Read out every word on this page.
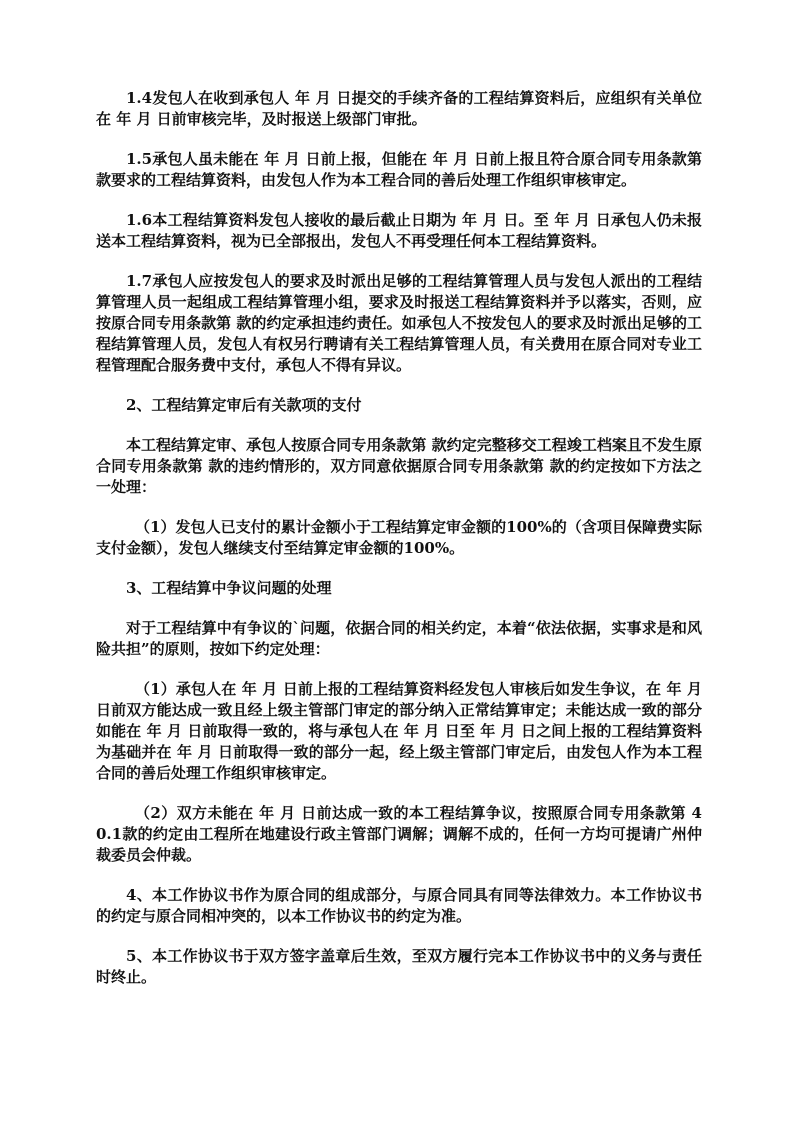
1.4发包人在收到承包人 年 月 日提交的手续齐备的工程结算资料后，应组织有关单位在 年 月 日前审核完毕，及时报送上级部门审批。

1.5承包人虽未能在 年 月 日前上报，但能在 年 月 日前上报且符合原合同专用条款第 款要求的工程结算资料，由发包人作为本工程合同的善后处理工作组织审核审定。

1.6本工程结算资料发包人接收的最后截止日期为 年 月 日。至 年 月 日承包人仍未报送本工程结算资料，视为已全部报出，发包人不再受理任何本工程结算资料。

1.7承包人应按发包人的要求及时派出足够的工程结算管理人员与发包人派出的工程结算管理人员一起组成工程结算管理小组，要求及时报送工程结算资料并予以落实，否则，应按原合同专用条款第 款的约定承担违约责任。如承包人不按发包人的要求及时派出足够的工程结算管理人员，发包人有权另行聘请有关工程结算管理人员，有关费用在原合同对专业工程管理配合服务费中支付，承包人不得有异议。

2、工程结算定审后有关款项的支付

本工程结算定审、承包人按原合同专用条款第 款约定完整移交工程竣工档案且不发生原合同专用条款第 款的违约情形的，双方同意依据原合同专用条款第 款的约定按如下方法之一处理：

（1）发包人已支付的累计金额小于工程结算定审金额的100%的（含项目保障费实际支付金额），发包人继续支付至结算定审金额的100%。

3、工程结算中争议问题的处理

对于工程结算中有争议的`问题，依据合同的相关约定，本着“依法依据，实事求是和风险共担”的原则，按如下约定处理：

（1）承包人在 年 月 日前上报的工程结算资料经发包人审核后如发生争议，在 年 月 日前双方能达成一致且经上级主管部门审定的部分纳入正常结算审定；未能达成一致的部分如能在 年 月 日前取得一致的，将与承包人在 年 月 日至 年 月 日之间上报的工程结算资料为基础并在 年 月 日前取得一致的部分一起，经上级主管部门审定后，由发包人作为本工程合同的善后处理工作组织审核审定。

（2）双方未能在 年 月 日前达成一致的本工程结算争议，按照原合同专用条款第 40.1款的约定由工程所在地建设行政主管部门调解；调解不成的，任何一方均可提请广州仲裁委员会仲裁。

4、本工作协议书作为原合同的组成部分，与原合同具有同等法律效力。本工作协议书的约定与原合同相冲突的，以本工作协议书的约定为准。

5、本工作协议书于双方签字盖章后生效，至双方履行完本工作协议书中的义务与责任时终止。
